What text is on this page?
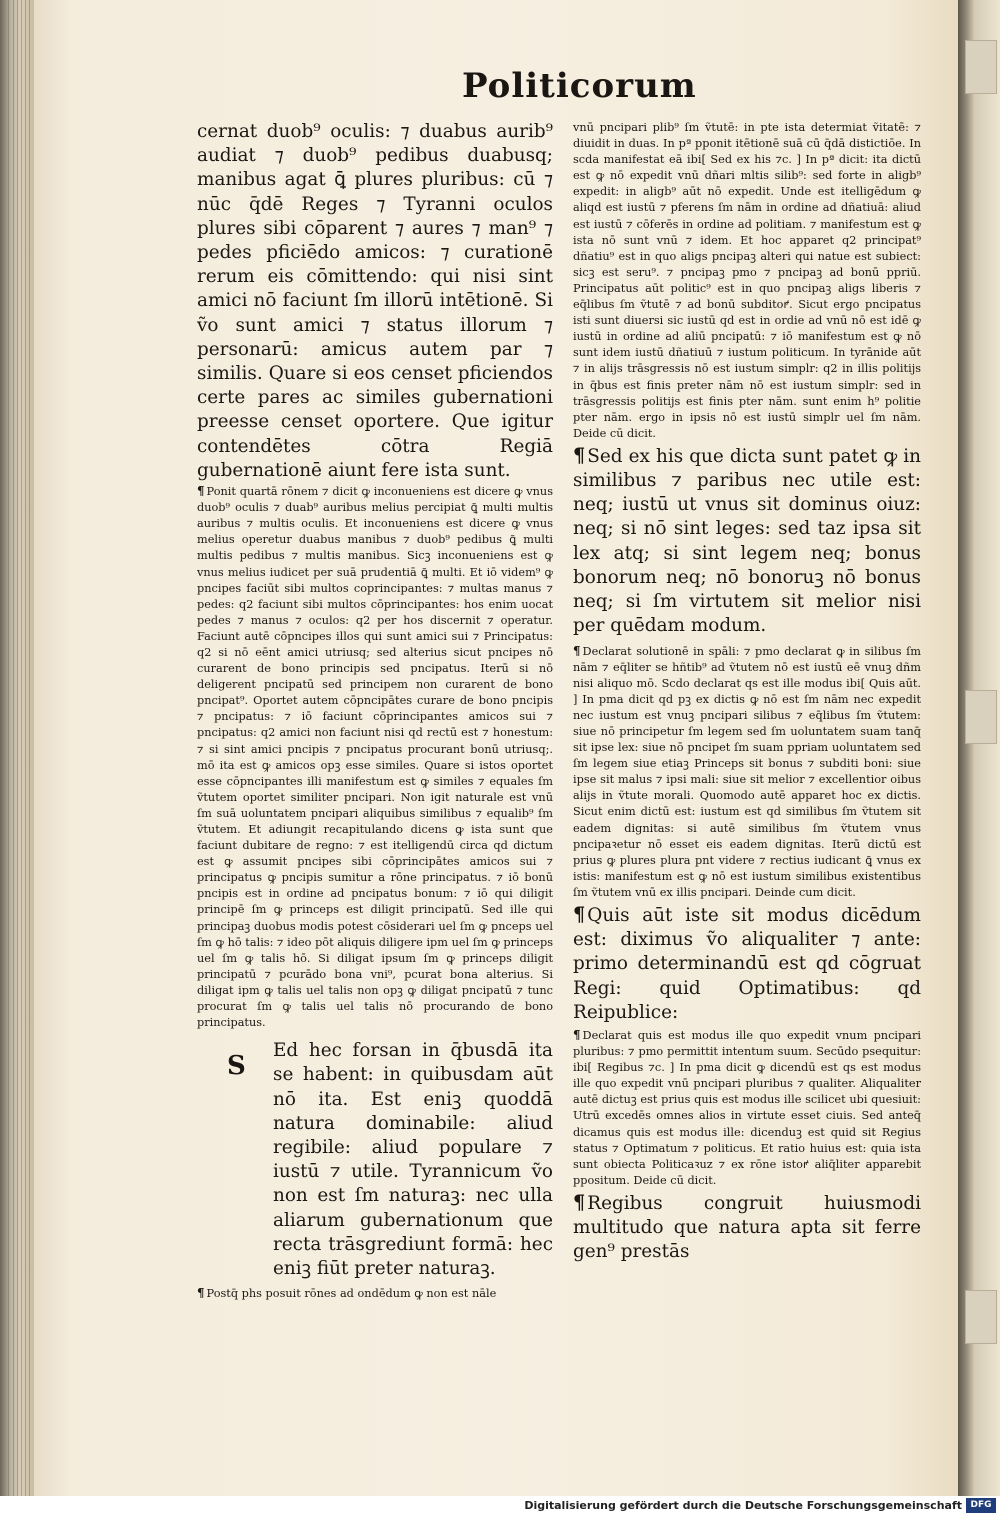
Politicorum

cernat duob⁹ oculis: ⁊ duabus aurib⁹ audiat ⁊ duob⁹ pedibus duabusq; manibus agat ꝗ̄ plures pluribus: cū ⁊ nūc q̄dē Reges ⁊ Tyranni oculos plures sibi cōparent ⁊ aures ⁊ man⁹ ⁊ pedes pficiēdo amicos: ⁊ curationē rerum eis cōmittendo: qui nisi sint amici nō faciunt ſm illorū intētionē. Si ṽo sunt amici ⁊ status illorum ⁊ personarū: amicus autem par ⁊ similis. Quare si eos censet pficiendos certe pares ac similes gubernationi preesse censet oportere. Que igitur contendētes cōtra Regiā gubernationē aiunt fere ista sunt.

¶ Ponit quartā rōnem ⁊ dicit ꝙ inconueniens est dicere ꝙ vnus duob⁹ oculis ⁊ duab⁹ auribus melius percipiat ꝗ̄ multi multis auribus ⁊ multis oculis. Et inconueniens est dicere ꝙ vnus melius operetur duabus manibus ⁊ duob⁹ pedibus ꝗ̄ multi multis pedibus ⁊ multis manibus. Sicꝫ inconueniens est ꝙ vnus melius iudicet per suā prudentiā ꝗ̄ multi. Et iō videm⁹ ꝙ pncipes faciūt sibi multos coprincipantes: ⁊ multas manus ⁊ pedes: q2 faciunt sibi multos cōprincipantes: hos enim uocat pedes ⁊ manus ⁊ oculos: q2 per hos discernit ⁊ operatur. Faciunt autē cōpncipes illos qui sunt amici sui ⁊ Principatus: q2 si nō eēnt amici utriusq; sed alterius sicut pncipes nō curarent de bono principis sed pncipatus. Iterū si nō deligerent pncipatū sed principem non curarent de bono pncipat⁹. Oportet autem cōpncipātes curare de bono pncipis ⁊ pncipatus: ⁊ iō faciunt cōprincipantes amicos sui ⁊ pncipatus: q2 amici non faciunt nisi qd rectū est ⁊ honestum: ⁊ si sint amici pncipis ⁊ pncipatus procurant bonū utriusq;. mō ita est ꝙ amicos opꝫ esse similes. Quare si istos oportet esse cōpncipantes illi manifestum est ꝙ similes ⁊ equales ſm ṽtutem oportet similiter pncipari. Non igit naturale est vnū ſm suā uoluntatem pncipari aliquibus similibus ⁊ equalib⁹ ſm ṽtutem. Et adiungit recapitulando dicens ꝙ ista sunt que faciunt dubitare de regno: ⁊ est itelligendū circa qd dictum est ꝙ assumit pncipes sibi cōprincipātes amicos sui ⁊ principatus ꝙ pncipis sumitur a rōne principatus. ⁊ iō bonū pncipis est in ordine ad pncipatus bonum: ⁊ iō qui diligit principē ſm ꝙ princeps est diligit principatū. Sed ille qui principaꝫ duobus modis potest cōsiderari uel ſm ꝙ pnceps uel ſm ꝙ hō talis: ⁊ ideo pōt aliquis diligere ipm uel ſm ꝙ princeps uel ſm ꝙ talis hō. Si diligat ipsum ſm ꝙ princeps diligit principatū ⁊ pcurādo bona vni⁹, pcurat bona alterius. Si diligat ipm ꝙ talis uel talis non opꝫ ꝙ diligat pncipatū ⁊ tunc procurat ſm ꝙ talis uel talis nō procurando de bono principatus.

S

Ed hec forsan in q̄busdā ita se habent: in quibusdam aūt nō ita. Est eniꝫ quoddā natura dominabile: aliud regibile: aliud populare ⁊ iustū ⁊ utile. Tyrannicum ṽo non est ſm naturaꝫ: nec ulla aliarum gubernationum que recta trāsgrediunt formā: hec eniꝫ fiūt preter naturaꝫ.

¶ Postq̄ phs posuit rōnes ad ondēdum ꝙ non est nāle

vnū pncipari plib⁹ ſm ṽtutē: in pte ista determiat ṽitatē: ⁊ diuidit in duas. In pª pponit itētionē suā cū q̄dā distictiōe. In scda manifestat eā ibi[ Sed ex his ⁊c. ] In pª dicit: ita dictū est ꝙ nō expedit vnū dñari mltis silib⁹: sed forte in aligb⁹ expedit: in aligb⁹ aūt nō expedit. Unde est itelligēdum ꝙ aliqd est iustū ⁊ pferens ſm nām in ordine ad dñatiuā: aliud est iustū ⁊ cōferēs in ordine ad politiam. ⁊ manifestum est ꝙ ista nō sunt vnū ⁊ idem. Et hoc apparet q2 principat⁹ dñatiu⁹ est in quo aligs pncipaꝫ alteri qui natue est subiect: sicꝫ est seru⁹. ⁊ pncipaꝫ pmo ⁊ pncipaꝫ ad bonū ppriū. Principatus aūt politic⁹ est in quo pncipaꝫ aligs liberis ⁊ eq̄libus ſm ṽtutē ⁊ ad bonū subditoꝵ. Sicut ergo pncipatus isti sunt diuersi sic iustū qd est in ordie ad vnū nō est idē ꝙ iustū in ordine ad aliū pncipatū: ⁊ iō manifestum est ꝙ nō sunt idem iustū dñatiuū ⁊ iustum politicum. In tyrānide aūt ⁊ in alijs trāsgressis nō est iustum simplr: q2 in illis politijs in q̄bus est finis preter nām nō est iustum simplr: sed in trāsgressis politijs est finis pter nām. sunt enim h⁹ politie pter nām. ergo in ipsis nō est iustū simplr uel ſm nām. Deide cū dicit.

¶ Sed ex his que dicta sunt patet ꝙ in similibus ⁊ paribus nec utile est: neq; iustū ut vnus sit dominus oiuz: neq; si nō sint leges: sed taz ipsa sit lex atq; si sint legem neq; bonus bonorum neq; nō bonoruꝫ nō bonus neq; si ſm virtutem sit melior nisi per quēdam modum.

¶ Declarat solutionē in spāli: ⁊ pmo declarat ꝙ in silibus ſm nām ⁊ eq̄liter se hñtib⁹ ad ṽtutem nō est iustū eē vnuꝫ dñm nisi aliquo mō. Scdo declarat qs est ille modus ibi[ Quis aūt. ] In pma dicit qd pꝫ ex dictis ꝙ nō est ſm nām nec expedit nec iustum est vnuꝫ pncipari silibus ⁊ eq̄libus ſm ṽtutem: siue nō principetur ſm legem sed ſm uoluntatem suam tanq̄ sit ipse lex: siue nō pncipet ſm suam ppriam uoluntatem sed ſm legem siue etiaꝫ Princeps sit bonus ⁊ subditi boni: siue ipse sit malus ⁊ ipsi mali: siue sit melior ⁊ excellentior oibus alijs in ṽtute morali. Quomodo autē apparet hoc ex dictis. Sicut enim dictū est: iustum est qd similibus ſm ṽtutem sit eadem dignitas: si autē similibus ſm ṽtutem vnus pncipaꝛetur nō esset eis eadem dignitas. Iterū dictū est prius ꝙ plures plura pnt videre ⁊ rectius iudicant ꝗ̄ vnus ex istis: manifestum est ꝙ nō est iustum similibus existentibus ſm ṽtutem vnū ex illis pncipari. Deinde cum dicit.

¶ Quis aūt iste sit modus dicēdum est: diximus ṽo aliqualiter ⁊ ante: primo determinandū est qd cōgruat Regi: quid Optimatibus: qd Reipublice:

¶ Declarat quis est modus ille quo expedit vnum pncipari pluribus: ⁊ pmo permittit intentum suum. Secūdo psequitur: ibi[ Regibus ⁊c. ] In pma dicit ꝙ dicendū est qs est modus ille quo expedit vnū pncipari pluribus ⁊ qualiter. Aliqualiter autē dictuꝫ est prius quis est modus ille scilicet ubi quesiuit: Utrū excedēs omnes alios in virtute esset ciuis. Sed anteq̄ dicamus quis est modus ille: dicenduꝫ est quid sit Regius status ⁊ Optimatum ⁊ politicus. Et ratio huius est: quia ista sunt obiecta Politicaꝛuz ⁊ ex rōne istoꝵ aliq̄liter apparebit ppositum. Deide cū dicit.

¶ Regibus congruit huiusmodi multitudo que natura apta sit ferre gen⁹ prestās

Digitalisierung gefördert durch die Deutsche Forschungsgemeinschaft DFG
